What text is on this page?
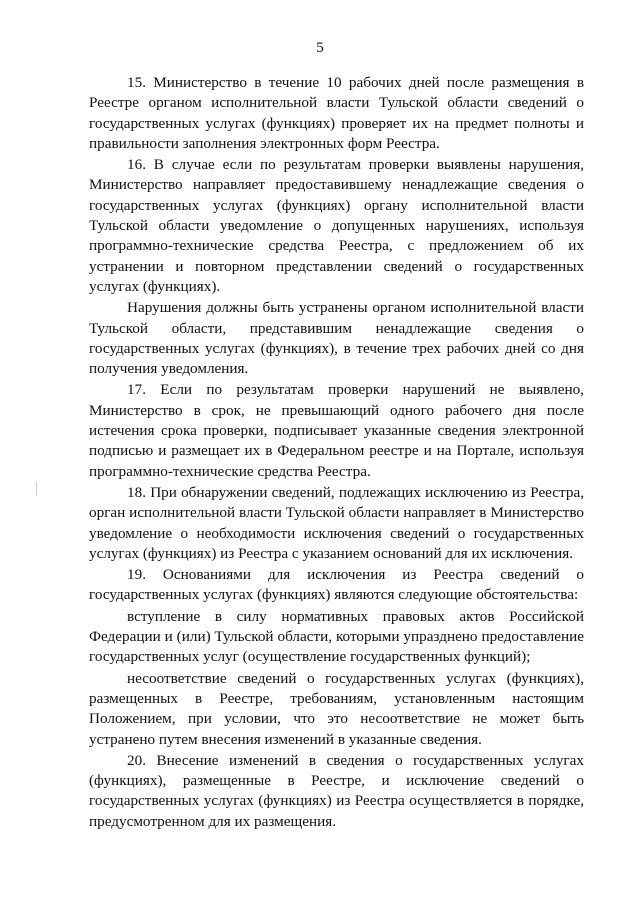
5

15. Министерство в течение 10 рабочих дней после размещения в Реестре органом исполнительной власти Тульской области сведений о государственных услугах (функциях) проверяет их на предмет полноты и правильности заполнения электронных форм Реестра.

16. В случае если по результатам проверки выявлены нарушения, Министерство направляет предоставившему ненадлежащие сведения о государственных услугах (функциях) органу исполнительной власти Тульской области уведомление о допущенных нарушениях, используя программно-технические средства Реестра, с предложением об их устранении и повторном представлении сведений о государственных услугах (функциях).

Нарушения должны быть устранены органом исполнительной власти Тульской области, представившим ненадлежащие сведения о государственных услугах (функциях), в течение трех рабочих дней со дня получения уведомления.

17. Если по результатам проверки нарушений не выявлено, Министерство в срок, не превышающий одного рабочего дня после истечения срока проверки, подписывает указанные сведения электронной подписью и размещает их в Федеральном реестре и на Портале, используя программно-технические средства Реестра.

18. При обнаружении сведений, подлежащих исключению из Реестра, орган исполнительной власти Тульской области направляет в Министерство уведомление о необходимости исключения сведений о государственных услугах (функциях) из Реестра с указанием оснований для их исключения.

19. Основаниями для исключения из Реестра сведений о государственных услугах (функциях) являются следующие обстоятельства:

вступление в силу нормативных правовых актов Российской Федерации и (или) Тульской области, которыми упразднено предоставление государственных услуг (осуществление государственных функций);

несоответствие сведений о государственных услугах (функциях), размещенных в Реестре, требованиям, установленным настоящим Положением, при условии, что это несоответствие не может быть устранено путем внесения изменений в указанные сведения.

20. Внесение изменений в сведения о государственных услугах (функциях), размещенные в Реестре, и исключение сведений о государственных услугах (функциях) из Реестра осуществляется в порядке, предусмотренном для их размещения.
